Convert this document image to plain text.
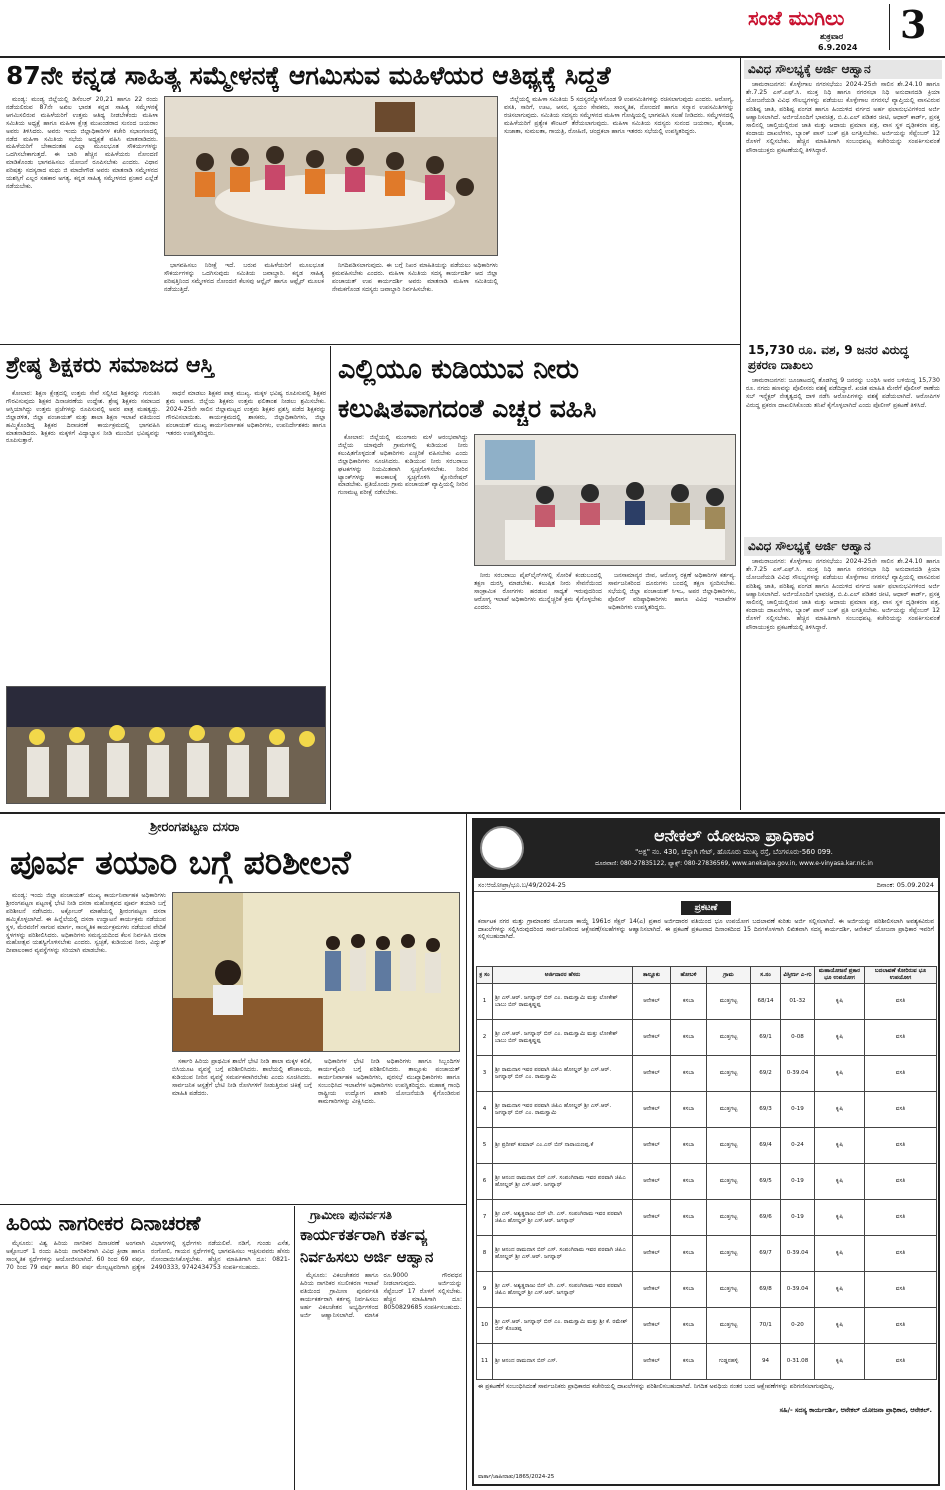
ಸಂಜೆ ಮುಗಿಲು
ಶುಕ್ರವಾರ
6.9.2024
3
87ನೇ ಕನ್ನಡ ಸಾಹಿತ್ಯ ಸಮ್ಮೇಳನಕ್ಕೆ ಆಗಮಿಸುವ ಮಹಿಳೆಯರ ಆತಿಥ್ಯಕ್ಕೆ ಸಿದ್ಧತೆ

ಮಂಡ್ಯ: ಮಂಡ್ಯ ಜಿಲ್ಲೆಯಲ್ಲಿ ಡಿಸೆಂಬರ್ 20,21 ಹಾಗೂ 22 ರಂದು ನಡೆಯಲಿರುವ 87ನೇ ಅಖಿಲ ಭಾರತ ಕನ್ನಡ ಸಾಹಿತ್ಯ ಸಮ್ಮೇಳನಕ್ಕೆ ಆಗಮಿಸಲಿರುವ ಮಹಿಳೆಯರಿಗೆ ಉತ್ತಮ ಆತಿಥ್ಯ ನೀಡಬೇಕೆಂದು ಮಹಿಳಾ ಸಮಿತಿಯ ಅಧ್ಯಕ್ಷೆ ಹಾಗೂ ಮಹಿಳಾ ಕ್ಷೇತ್ರ ಮುಖಂಡರಾದ ಸುನಂದ ಜಯರಾಂ ಅವರು ತಿಳಿಸಿದರು. ಅವರು ಇಂದು ಜಿಲ್ಲಾಧಿಕಾರಿಗಳ ಕಚೇರಿ ಸಭಾಂಗಣದಲ್ಲಿ ನಡೆದ ಮಹಿಳಾ ಸಮಿತಿಯ ಸಭೆಯ ಅಧ್ಯಕ್ಷತೆ ವಹಿಸಿ ಮಾತನಾಡಿದರು. ಮಹಿಳೆಯರಿಗೆ ಬೇಕಾದಂತಹ ಎಲ್ಲಾ ಮೂಲಭೂತ ಸೌಕರ್ಯಗಳನ್ನು ಒದಗಿಸಬೇಕಾಗುತ್ತದೆ. ಈ ಬಾರಿ ಹೆಚ್ಚಿನ ಮಹಿಳೆಯರು ನೋಂದಣಿ ಮಾಡಿಕೊಂಡು ಭಾಗವಹಿಸಲು ಯೋಜನೆ ರೂಪಿಸಬೇಕು ಎಂದರು. ವಿಧಾನ ಪರಿಷತ್ತು ಸದಸ್ಯರಾದ ಮಧು ಜಿ ಮಾದೇಗೌಡ ಅವರು ಮಾತನಾಡಿ ಸಮ್ಮೇಳನದ ಯಶಸ್ಸಿಗೆ ಎಲ್ಲರ ಸಹಕಾರ ಅಗತ್ಯ. ಕನ್ನಡ ಸಾಹಿತ್ಯ ಸಮ್ಮೇಳನದ ಪ್ರಚಾರ ಎಲ್ಲೆಡೆ ನಡೆಯಬೇಕು.

ಭಾಗವಹಿಸಲು ನಿರೀಕ್ಷೆ ಇದೆ. ಬರುವ ಮಹಿಳೆಯರಿಗೆ ಮೂಲಭೂತ ಸೌಕರ್ಯಗಳನ್ನು ಒದಗಿಸುವುದು ಸಮಿತಿಯ ಜವಾಬ್ದಾರಿ. ಕನ್ನಡ ಸಾಹಿತ್ಯ ಪರಿಷತ್ತಿನಿಂದ ಸಮ್ಮೇಳನದ ನೋಂದಣಿ ಕೆಲಸವು ಆನ್ಲೈನ್ ಹಾಗೂ ಆಫ್ಲೈನ್ ಮೂಲಕ ನಡೆಯುತ್ತಿದೆ.

ನಿಗದಿಪಡಿಸಲಾಗುವುದು. ಈ ಬಗ್ಗೆ ನಿಖರ ಮಾಹಿತಿಯನ್ನು ಪಡೆಯಲು ಅಧಿಕಾರಿಗಳು ಕ್ರಮವಹಿಸಬೇಕು ಎಂದರು. ಮಹಿಳಾ ಸಮಿತಿಯ ಸದಸ್ಯ ಕಾರ್ಯದರ್ಶಿ ಆದ ಜಿಲ್ಲಾ ಪಂಚಾಯತ್ ಉಪ ಕಾರ್ಯದರ್ಶಿ ಅವರು ಮಾತನಾಡಿ ಮಹಿಳಾ ಸಮಿತಿಯಲ್ಲಿ ನೇಮಕಗೊಂಡ ಸದಸ್ಯರು ಜವಾಬ್ದಾರಿ ನಿರ್ವಹಿಸಬೇಕು.

ಜಿಲ್ಲೆಯಲ್ಲಿ ಮಹಿಳಾ ಸಮಿತಿಯ 5 ಸದಸ್ಯರನ್ನೊಳಗೊಂಡ 9 ಉಪಸಮಿತಿಗಳನ್ನು ರಚಿಸಲಾಗುವುದು ಎಂದರು. ಆರೋಗ್ಯ, ವಸತಿ, ಸಾರಿಗೆ, ಊಟ, ಆಸನ, ಸ್ವಯಂ ಸೇವಕರು, ಸಾಂಸ್ಕೃತಿಕ, ನೋಂದಣಿ ಹಾಗೂ ಸನ್ಮಾನ ಉಪಸಮಿತಿಗಳನ್ನು ರಚಿಸಲಾಗುವುದು. ಸಮಿತಿಯ ಸದಸ್ಯರು ಸಮ್ಮೇಳನದ ಮಹಿಳಾ ಗೋಷ್ಠಿಯಲ್ಲಿ ಭಾಗವಹಿಸಿ ಸಲಹೆ ನೀಡಿದರು. ಸಮ್ಮೇಳನದಲ್ಲಿ ಮಹಿಳೆಯರಿಗೆ ಪ್ರತ್ಯೇಕ ಕೌಂಟರ್ ತೆರೆಯಲಾಗುವುದು. ಮಹಿಳಾ ಸಮಿತಿಯ ಸದಸ್ಯರು ಸುನಂದ ಜಯರಾಂ, ಶೈಲಜಾ, ಸುಜಾತಾ, ಸುಮಲತಾ, ಗಾಯತ್ರಿ, ರೋಹಿಣಿ, ಚಂದ್ರಕಲಾ ಹಾಗೂ ಇತರರು ಸಭೆಯಲ್ಲಿ ಉಪಸ್ಥಿತರಿದ್ದರು.

ಶ್ರೇಷ್ಠ ಶಿಕ್ಷಕರು ಸಮಾಜದ ಆಸ್ತಿ

ಕೋಲಾರ: ಶಿಕ್ಷಣ ಕ್ಷೇತ್ರದಲ್ಲಿ ಉತ್ತಮ ಸೇವೆ ಸಲ್ಲಿಸಿದ ಶಿಕ್ಷಕರನ್ನು ಗುರುತಿಸಿ ಗೌರವಿಸುವುದು ಶಿಕ್ಷಕರ ದಿನಾಚರಣೆಯ ಉದ್ದೇಶ. ಶ್ರೇಷ್ಠ ಶಿಕ್ಷಕರು ಸಮಾಜದ ಆಸ್ತಿಯಾಗಿದ್ದು ಉತ್ತಮ ಪ್ರಜೆಗಳನ್ನು ರೂಪಿಸುವಲ್ಲಿ ಅವರ ಪಾತ್ರ ಮಹತ್ವದ್ದು. ಜಿಲ್ಲಾಡಳಿತ, ಜಿಲ್ಲಾ ಪಂಚಾಯತ್ ಮತ್ತು ಶಾಲಾ ಶಿಕ್ಷಣ ಇಲಾಖೆ ವತಿಯಿಂದ ಹಮ್ಮಿಕೊಂಡಿದ್ದ ಶಿಕ್ಷಕರ ದಿನಾಚರಣೆ ಕಾರ್ಯಕ್ರಮದಲ್ಲಿ ಭಾಗವಹಿಸಿ ಮಾತನಾಡಿದರು. ಶಿಕ್ಷಕರು ಮಕ್ಕಳಿಗೆ ವಿದ್ಯಾಭ್ಯಾಸ ನೀಡಿ ಮುಂದಿನ ಭವಿಷ್ಯವನ್ನು ರೂಪಿಸುತ್ತಾರೆ.

ಸಾಧನೆ ಮಾಡಲು ಶಿಕ್ಷಕರ ಪಾತ್ರ ಮುಖ್ಯ. ಮಕ್ಕಳ ಭವಿಷ್ಯ ರೂಪಿಸುವಲ್ಲಿ ಶಿಕ್ಷಕರ ಶ್ರಮ ಅಪಾರ. ಜಿಲ್ಲೆಯ ಶಿಕ್ಷಕರು ಉತ್ತಮ ಫಲಿತಾಂಶ ನೀಡಲು ಶ್ರಮಿಸಬೇಕು. 2024-25ನೇ ಸಾಲಿನ ಜಿಲ್ಲಾಮಟ್ಟದ ಉತ್ತಮ ಶಿಕ್ಷಕರ ಪ್ರಶಸ್ತಿ ಪಡೆದ ಶಿಕ್ಷಕರನ್ನು ಗೌರವಿಸಲಾಯಿತು. ಕಾರ್ಯಕ್ರಮದಲ್ಲಿ ಶಾಸಕರು, ಜಿಲ್ಲಾಧಿಕಾರಿಗಳು, ಜಿಲ್ಲಾ ಪಂಚಾಯತ್ ಮುಖ್ಯ ಕಾರ್ಯನಿರ್ವಾಹಕ ಅಧಿಕಾರಿಗಳು, ಉಪನಿರ್ದೇಶಕರು ಹಾಗೂ ಇತರರು ಉಪಸ್ಥಿತರಿದ್ದರು.

ಎಲ್ಲಿಯೂ ಕುಡಿಯುವ ನೀರು
ಕಲುಷಿತವಾಗದಂತೆ ಎಚ್ಚರ ವಹಿಸಿ

ಕೋಲಾರ: ಜಿಲ್ಲೆಯಲ್ಲಿ ಮುಂಗಾರು ಮಳೆ ಆರಂಭವಾಗಿದ್ದು ಜಿಲ್ಲೆಯ ಯಾವುದೇ ಗ್ರಾಮಗಳಲ್ಲಿ ಕುಡಿಯುವ ನೀರು ಕಲುಷಿತಗೊಳ್ಳದಂತೆ ಅಧಿಕಾರಿಗಳು ಎಚ್ಚರಿಕೆ ವಹಿಸಬೇಕು ಎಂದು ಜಿಲ್ಲಾಧಿಕಾರಿಗಳು ಸೂಚಿಸಿದರು. ಕುಡಿಯುವ ನೀರು ಸರಬರಾಜು ಘಟಕಗಳನ್ನು ನಿಯಮಿತವಾಗಿ ಸ್ವಚ್ಛಗೊಳಿಸಬೇಕು. ನೀರಿನ ಟ್ಯಾಂಕ್‌ಗಳನ್ನು ಕಾಲಕಾಲಕ್ಕೆ ಸ್ವಚ್ಛಗೊಳಿಸಿ ಕ್ಲೋರಿನೇಷನ್ ಮಾಡಬೇಕು. ಪ್ರತಿಯೊಂದು ಗ್ರಾಮ ಪಂಚಾಯತ್ ವ್ಯಾಪ್ತಿಯಲ್ಲಿ ನೀರಿನ ಗುಣಮಟ್ಟ ಪರೀಕ್ಷೆ ನಡೆಸಬೇಕು.

ನೀರು ಸರಬರಾಜು ಪೈಪ್‌ಲೈನ್‌ಗಳಲ್ಲಿ ಸೋರಿಕೆ ಕಂಡುಬಂದಲ್ಲಿ ತಕ್ಷಣ ದುರಸ್ತಿ ಮಾಡಬೇಕು. ಕಲುಷಿತ ನೀರು ಸೇವನೆಯಿಂದ ಸಾಂಕ್ರಾಮಿಕ ರೋಗಗಳು ಹರಡುವ ಸಾಧ್ಯತೆ ಇರುವುದರಿಂದ ಆರೋಗ್ಯ ಇಲಾಖೆ ಅಧಿಕಾರಿಗಳು ಮುನ್ನೆಚ್ಚರಿಕೆ ಕ್ರಮ ಕೈಗೊಳ್ಳಬೇಕು ಎಂದರು.

ಜನಸಾಮಾನ್ಯರ ಜೀವ, ಆರೋಗ್ಯ ರಕ್ಷಣೆ ಅಧಿಕಾರಿಗಳ ಕರ್ತವ್ಯ. ಸಾರ್ವಜನಿಕರಿಂದ ದೂರುಗಳು ಬಂದಲ್ಲಿ ತಕ್ಷಣ ಸ್ಪಂದಿಸಬೇಕು. ಸಭೆಯಲ್ಲಿ ಜಿಲ್ಲಾ ಪಂಚಾಯತ್ ಸಿಇಒ, ಅಪರ ಜಿಲ್ಲಾಧಿಕಾರಿಗಳು, ಪೊಲೀಸ್ ವರಿಷ್ಠಾಧಿಕಾರಿಗಳು ಹಾಗೂ ವಿವಿಧ ಇಲಾಖೆಗಳ ಅಧಿಕಾರಿಗಳು ಉಪಸ್ಥಿತರಿದ್ದರು.

ವಿವಿಧ ಸೌಲಭ್ಯಕ್ಕೆ ಅರ್ಜಿ ಆಹ್ವಾನ

ಚಾಮರಾಜನಗರ: ಕೊಳ್ಳೇಗಾಲ ನಗರಸಭೆಯು 2024-25ನೇ ಸಾಲಿನ ಶೇ.24.10 ಹಾಗೂ ಶೇ.7.25 ಎಸ್.ಎಫ್.ಸಿ. ಮುಕ್ತ ನಿಧಿ ಹಾಗೂ ನಗರಸಭಾ ನಿಧಿ ಅನುದಾನದಡಿ ಕ್ರಿಯಾ ಯೋಜನೆಯಡಿ ವಿವಿಧ ಸೌಲಭ್ಯಗಳನ್ನು ಪಡೆಯಲು ಕೊಳ್ಳೇಗಾಲ ನಗರಸಭೆ ವ್ಯಾಪ್ತಿಯಲ್ಲಿ ವಾಸವಿರುವ ಪರಿಶಿಷ್ಟ ಜಾತಿ, ಪರಿಶಿಷ್ಟ ಪಂಗಡ ಹಾಗೂ ಹಿಂದುಳಿದ ವರ್ಗದ ಅರ್ಹ ಫಲಾನುಭವಿಗಳಿಂದ ಅರ್ಜಿ ಆಹ್ವಾನಿಸಲಾಗಿದೆ. ಅರ್ಜಿಯೊಂದಿಗೆ ಭಾವಚಿತ್ರ, ಬಿ.ಪಿ.ಎಲ್ ಪಡಿತರ ಚೀಟಿ, ಆಧಾರ್ ಕಾರ್ಡ್, ಪ್ರಸಕ್ತ ಸಾಲಿನಲ್ಲಿ ಚಾಲ್ತಿಯಲ್ಲಿರುವ ಜಾತಿ ಮತ್ತು ಆದಾಯ ಪ್ರಮಾಣ ಪತ್ರ, ವಾಸ ಸ್ಥಳ ದೃಢೀಕರಣ ಪತ್ರ, ಕಂದಾಯ ದಾಖಲೆಗಳು, ಬ್ಯಾಂಕ್ ಪಾಸ್ ಬುಕ್ ಪ್ರತಿ ಲಗತ್ತಿಸಬೇಕು. ಅರ್ಜಿಯನ್ನು ಸೆಪ್ಟೆಂಬರ್ 12 ರೊಳಗೆ ಸಲ್ಲಿಸಬೇಕು. ಹೆಚ್ಚಿನ ಮಾಹಿತಿಗಾಗಿ ಸಂಬಂಧಪಟ್ಟ ಕಚೇರಿಯನ್ನು ಸಂಪರ್ಕಿಸುವಂತೆ ಪೌರಾಯುಕ್ತರು ಪ್ರಕಟಣೆಯಲ್ಲಿ ತಿಳಿಸಿದ್ದಾರೆ.

15,730 ರೂ. ವಶ, 9 ಜನರ ವಿರುದ್ಧ ಪ್ರಕರಣ ದಾಖಲು

ಚಾಮರಾಜನಗರ: ಜೂಜಾಟದಲ್ಲಿ ತೊಡಗಿದ್ದ 9 ಜನರನ್ನು ಬಂಧಿಸಿ ಅವರ ಬಳಿಯಿದ್ದ 15,730 ರೂ. ನಗದು ಹಣವನ್ನು ಪೊಲೀಸರು ವಶಕ್ಕೆ ಪಡೆದಿದ್ದಾರೆ. ಖಚಿತ ಮಾಹಿತಿ ಮೇರೆಗೆ ಪೊಲೀಸ್ ಠಾಣೆಯ ಸಬ್ ಇನ್ಸ್ಪೆಕ್ಟರ್ ನೇತೃತ್ವದಲ್ಲಿ ದಾಳಿ ನಡೆಸಿ ಆರೋಪಿಗಳನ್ನು ವಶಕ್ಕೆ ಪಡೆಯಲಾಗಿದೆ. ಆರೋಪಿಗಳ ವಿರುದ್ಧ ಪ್ರಕರಣ ದಾಖಲಿಸಿಕೊಂಡು ತನಿಖೆ ಕೈಗೊಳ್ಳಲಾಗಿದೆ ಎಂದು ಪೊಲೀಸ್ ಪ್ರಕಟಣೆ ತಿಳಿಸಿದೆ.

ವಿವಿಧ ಸೌಲಭ್ಯಕ್ಕೆ ಅರ್ಜಿ ಆಹ್ವಾನ

ಚಾಮರಾಜನಗರ: ಕೊಳ್ಳೇಗಾಲ ನಗರಸಭೆಯು 2024-25ನೇ ಸಾಲಿನ ಶೇ.24.10 ಹಾಗೂ ಶೇ.7.25 ಎಸ್.ಎಫ್.ಸಿ. ಮುಕ್ತ ನಿಧಿ ಹಾಗೂ ನಗರಸಭಾ ನಿಧಿ ಅನುದಾನದಡಿ ಕ್ರಿಯಾ ಯೋಜನೆಯಡಿ ವಿವಿಧ ಸೌಲಭ್ಯಗಳನ್ನು ಪಡೆಯಲು ಕೊಳ್ಳೇಗಾಲ ನಗರಸಭೆ ವ್ಯಾಪ್ತಿಯಲ್ಲಿ ವಾಸವಿರುವ ಪರಿಶಿಷ್ಟ ಜಾತಿ, ಪರಿಶಿಷ್ಟ ಪಂಗಡ ಹಾಗೂ ಹಿಂದುಳಿದ ವರ್ಗದ ಅರ್ಹ ಫಲಾನುಭವಿಗಳಿಂದ ಅರ್ಜಿ ಆಹ್ವಾನಿಸಲಾಗಿದೆ. ಅರ್ಜಿಯೊಂದಿಗೆ ಭಾವಚಿತ್ರ, ಬಿ.ಪಿ.ಎಲ್ ಪಡಿತರ ಚೀಟಿ, ಆಧಾರ್ ಕಾರ್ಡ್, ಪ್ರಸಕ್ತ ಸಾಲಿನಲ್ಲಿ ಚಾಲ್ತಿಯಲ್ಲಿರುವ ಜಾತಿ ಮತ್ತು ಆದಾಯ ಪ್ರಮಾಣ ಪತ್ರ, ವಾಸ ಸ್ಥಳ ದೃಢೀಕರಣ ಪತ್ರ, ಕಂದಾಯ ದಾಖಲೆಗಳು, ಬ್ಯಾಂಕ್ ಪಾಸ್ ಬುಕ್ ಪ್ರತಿ ಲಗತ್ತಿಸಬೇಕು. ಅರ್ಜಿಯನ್ನು ಸೆಪ್ಟೆಂಬರ್ 12 ರೊಳಗೆ ಸಲ್ಲಿಸಬೇಕು. ಹೆಚ್ಚಿನ ಮಾಹಿತಿಗಾಗಿ ಸಂಬಂಧಪಟ್ಟ ಕಚೇರಿಯನ್ನು ಸಂಪರ್ಕಿಸುವಂತೆ ಪೌರಾಯುಕ್ತರು ಪ್ರಕಟಣೆಯಲ್ಲಿ ತಿಳಿಸಿದ್ದಾರೆ.

ಶ್ರೀರಂಗಪಟ್ಟಣ ದಸರಾ
ಪೂರ್ವ ತಯಾರಿ ಬಗ್ಗೆ ಪರಿಶೀಲನೆ

ಮಂಡ್ಯ: ಇಂದು ಜಿಲ್ಲಾ ಪಂಚಾಯತ್ ಮುಖ್ಯ ಕಾರ್ಯನಿರ್ವಾಹಕ ಅಧಿಕಾರಿಗಳು ಶ್ರೀರಂಗಪಟ್ಟಣ ಪಟ್ಟಣಕ್ಕೆ ಭೇಟಿ ನೀಡಿ ದಸರಾ ಮಹೋತ್ಸವದ ಪೂರ್ವ ತಯಾರಿ ಬಗ್ಗೆ ಪರಿಶೀಲನೆ ನಡೆಸಿದರು. ಅಕ್ಟೋಬರ್ ಮಾಹೆಯಲ್ಲಿ ಶ್ರೀರಂಗಪಟ್ಟಣ ದಸರಾ ಹಮ್ಮಿಕೊಳ್ಳಲಾಗಿದೆ. ಈ ಹಿನ್ನೆಲೆಯಲ್ಲಿ ದಸರಾ ಉದ್ಘಾಟನೆ ಕಾರ್ಯಕ್ರಮ ನಡೆಯುವ ಸ್ಥಳ, ಮೆರವಣಿಗೆ ಸಾಗುವ ಮಾರ್ಗ, ಸಾಂಸ್ಕೃತಿಕ ಕಾರ್ಯಕ್ರಮಗಳು ನಡೆಯುವ ವೇದಿಕೆ ಸ್ಥಳಗಳನ್ನು ಪರಿಶೀಲಿಸಿದರು. ಅಧಿಕಾರಿಗಳು ಸಮನ್ವಯದಿಂದ ಕೆಲಸ ನಿರ್ವಹಿಸಿ ದಸರಾ ಮಹೋತ್ಸವ ಯಶಸ್ವಿಗೊಳಿಸಬೇಕು ಎಂದರು. ಸ್ವಚ್ಛತೆ, ಕುಡಿಯುವ ನೀರು, ವಿದ್ಯುತ್ ದೀಪಾಲಂಕಾರ ವ್ಯವಸ್ಥೆಗಳನ್ನು ಸರಿಯಾಗಿ ಮಾಡಬೇಕು.

ಸರ್ಕಾರಿ ಹಿರಿಯ ಪ್ರಾಥಮಿಕ ಶಾಲೆಗೆ ಭೇಟಿ ನೀಡಿ ಶಾಲಾ ಮಕ್ಕಳ ಕಲಿಕೆ, ಬಿಸಿಯೂಟ ವ್ಯವಸ್ಥೆ ಬಗ್ಗೆ ಪರಿಶೀಲಿಸಿದರು. ಶಾಲೆಯಲ್ಲಿ ಶೌಚಾಲಯ, ಕುಡಿಯುವ ನೀರಿನ ವ್ಯವಸ್ಥೆ ಸಮರ್ಪಕವಾಗಿರಬೇಕು ಎಂದು ಸೂಚಿಸಿದರು. ಸಾರ್ವಜನಿಕ ಆಸ್ಪತ್ರೆಗೆ ಭೇಟಿ ನೀಡಿ ರೋಗಿಗಳಿಗೆ ನೀಡುತ್ತಿರುವ ಚಿಕಿತ್ಸೆ ಬಗ್ಗೆ ಮಾಹಿತಿ ಪಡೆದರು.

ಅಧಿಕಾರಿಗಳ ಭೇಟಿ ನೀಡಿ ಅಧಿಕಾರಿಗಳು ಹಾಗೂ ಸಿಬ್ಬಂದಿಗಳ ಕಾರ್ಯವೈಖರಿ ಬಗ್ಗೆ ಪರಿಶೀಲಿಸಿದರು. ತಾಲ್ಲೂಕು ಪಂಚಾಯತ್ ಕಾರ್ಯನಿರ್ವಾಹಕ ಅಧಿಕಾರಿಗಳು, ಪುರಸಭೆ ಮುಖ್ಯಾಧಿಕಾರಿಗಳು ಹಾಗೂ ಸಂಬಂಧಿಸಿದ ಇಲಾಖೆಗಳ ಅಧಿಕಾರಿಗಳು ಉಪಸ್ಥಿತರಿದ್ದರು. ಮಹಾತ್ಮ ಗಾಂಧಿ ರಾಷ್ಟ್ರೀಯ ಉದ್ಯೋಗ ಖಾತರಿ ಯೋಜನೆಯಡಿ ಕೈಗೊಂಡಿರುವ ಕಾಮಗಾರಿಗಳನ್ನು ವೀಕ್ಷಿಸಿದರು.

ಹಿರಿಯ ನಾಗರೀಕರ ದಿನಾಚರಣೆ

ಮೈಸೂರು: ವಿಶ್ವ ಹಿರಿಯ ನಾಗರಿಕರ ದಿನಾಚರಣೆ ಅಂಗವಾಗಿ ಅಕ್ಟೋಬರ್ 1 ರಂದು ಹಿರಿಯ ನಾಗರಿಕರಿಗಾಗಿ ವಿವಿಧ ಕ್ರೀಡಾ ಹಾಗೂ ಸಾಂಸ್ಕೃತಿಕ ಸ್ಪರ್ಧೆಗಳನ್ನು ಆಯೋಜಿಸಲಾಗಿದೆ. 60 ರಿಂದ 69 ವರ್ಷ, 70 ರಿಂದ 79 ವರ್ಷ ಹಾಗೂ 80 ವರ್ಷ ಮೇಲ್ಪಟ್ಟವರಿಗಾಗಿ ಪ್ರತ್ಯೇಕ ವಿಭಾಗಗಳಲ್ಲಿ ಸ್ಪರ್ಧೆಗಳು ನಡೆಯಲಿವೆ. ನಡಿಗೆ, ಗುಂಡು ಎಸೆತ, ರಂಗೋಲಿ, ಗಾಯನ ಸ್ಪರ್ಧೆಗಳಲ್ಲಿ ಭಾಗವಹಿಸಲು ಇಚ್ಛಿಸುವವರು ಹೆಸರು ನೋಂದಾಯಿಸಿಕೊಳ್ಳಬೇಕು. ಹೆಚ್ಚಿನ ಮಾಹಿತಿಗಾಗಿ ದೂ: 0821-2490333, 9742434753 ಸಂಪರ್ಕಿಸಬಹುದು.

ಗ್ರಾಮೀಣ ಪುನರ್ವಸತಿ
ಕಾರ್ಯಕರ್ತರಾಗಿ ಕರ್ತವ್ಯ
ನಿರ್ವಹಿಸಲು ಅರ್ಜಿ ಆಹ್ವಾನ

ಮೈಸೂರು: ವಿಕಲಚೇತನರ ಹಾಗೂ ಹಿರಿಯ ನಾಗರಿಕರ ಸಬಲೀಕರಣ ಇಲಾಖೆ ವತಿಯಿಂದ ಗ್ರಾಮೀಣ ಪುನರ್ವಸತಿ ಕಾರ್ಯಕರ್ತರಾಗಿ ಕರ್ತವ್ಯ ನಿರ್ವಹಿಸಲು ಅರ್ಹ ವಿಕಲಚೇತನ ಅಭ್ಯರ್ಥಿಗಳಿಂದ ಅರ್ಜಿ ಆಹ್ವಾನಿಸಲಾಗಿದೆ. ಮಾಸಿಕ ರೂ.9000 ಗೌರವಧನ ನೀಡಲಾಗುವುದು. ಅರ್ಜಿಯನ್ನು ಸೆಪ್ಟೆಂಬರ್ 17 ರೊಳಗೆ ಸಲ್ಲಿಸಬೇಕು. ಹೆಚ್ಚಿನ ಮಾಹಿತಿಗಾಗಿ ದೂ: 8050829685 ಸಂಪರ್ಕಿಸಬಹುದು.

ಆನೇಕಲ್ ಯೋಜನಾ ಪ್ರಾಧಿಕಾರ
"ಅಕ್ಷ" ನಂ. 430, ಚೆನ್ನಾಗಿ ಗೇಟ್, ಹೊಸೂರು ಮುಖ್ಯ ರಸ್ತೆ, ಬೆಂಗಳೂರು-560 099.
ದೂರವಾಣಿ: 080-27835122, ಫ್ಯಾಕ್ಸ್: 080-27836569, www.anekalpa.gov.in, www.e-vinyasa.kar.nic.in
ಸಂ:ಆಯೋಪ್ರಾ/ಭೂ.ಬ/49/2024-25	ದಿನಾಂಕ: 05.09.2024
ಪ್ರಕಟಣೆ
ಕರ್ನಾಟಕ ನಗರ ಮತ್ತು ಗ್ರಾಮಾಂತರ ಯೋಜನಾ ಕಾಯ್ದೆ 1961ರ ಸೆಕ್ಷನ್ 14(ಎ) ಪ್ರಕಾರ ಅರ್ಜಿದಾರರ ವತಿಯಿಂದ ಭೂ ಉಪಯೋಗ ಬದಲಾವಣೆ ಕುರಿತು ಅರ್ಜಿ ಸಲ್ಲಿಸಲಾಗಿದೆ. ಈ ಅರ್ಜಿಯನ್ನು ಪರಿಶೀಲಿಸಲಾಗಿ ಅವಶ್ಯಕವಿರುವ ದಾಖಲೆಗಳನ್ನು ಸಲ್ಲಿಸಿರುವುದರಿಂದ ಸಾರ್ವಜನಿಕರಿಂದ ಆಕ್ಷೇಪಣೆ/ಸಲಹೆಗಳನ್ನು ಆಹ್ವಾನಿಸಲಾಗಿದೆ. ಈ ಪ್ರಕಟಣೆ ಪ್ರಕಟವಾದ ದಿನಾಂಕದಿಂದ 15 ದಿನಗಳೊಳಗಾಗಿ ಲಿಖಿತವಾಗಿ ಸದಸ್ಯ ಕಾರ್ಯದರ್ಶಿ, ಆನೇಕಲ್ ಯೋಜನಾ ಪ್ರಾಧಿಕಾರ ಇವರಿಗೆ ಸಲ್ಲಿಸಬಹುದಾಗಿದೆ.
ಕ್ರ ಸಂ	ಅರ್ಜಿದಾರರ ಹೆಸರು	ತಾಲ್ಲೂಕು	ಹೋಬಳಿ	ಗ್ರಾಮ	ಸ.ನಂ	ವಿಸ್ತೀರ್ಣ ಎ-ಗು	ಮಹಾಯೋಜನೆ ಪ್ರಕಾರ ಭೂ ಉಪಯೋಗ	ಬದಲಾವಣೆ ಕೋರಿರುವ ಭೂ ಉಪಯೋಗ
1	ಶ್ರೀ ಎಸ್.ಆರ್. ಜಗನ್ನಾಥ್ ಬಿನ್ ಎಂ. ರಾಮಸ್ವಾಮಿ ಮತ್ತು ಲೋಕೇಶ್ ಬಾಬು ಬಿನ್ ರಾಮಕೃಷ್ಣಪ್ಪ	ಆನೇಕಲ್	ಕಸಬಾ	ಮುತ್ತಗಟ್ಟ	68/14	01-32	ಕೃಷಿ	ವಸತಿ
2	ಶ್ರೀ ಎಸ್.ಆರ್. ಜಗನ್ನಾಥ್ ಬಿನ್ ಎಂ. ರಾಮಸ್ವಾಮಿ ಮತ್ತು ಲೋಕೇಶ್ ಬಾಬು ಬಿನ್ ರಾಮಕೃಷ್ಣಪ್ಪ	ಆನೇಕಲ್	ಕಸಬಾ	ಮುತ್ತಗಟ್ಟ	69/1	0-08	ಕೃಷಿ	ವಸತಿ
3	ಶ್ರೀ ರಾಮದಾಸ ಇವರ ಪರವಾಗಿ ಜಿಪಿಎ ಹೋಲ್ಡರ್ ಶ್ರೀ ಎಸ್.ಆರ್. ಜಗನ್ನಾಥ್ ಬಿನ್ ಎಂ. ರಾಮಸ್ವಾಮಿ	ಆನೇಕಲ್	ಕಸಬಾ	ಮುತ್ತಗಟ್ಟ	69/2	0-39.04	ಕೃಷಿ	ವಸತಿ
4	ಶ್ರೀ ರಾಮದಾಸ ಇವರ ಪರವಾಗಿ ಜಿಪಿಎ ಹೋಲ್ಡರ್ ಶ್ರೀ ಎಸ್.ಆರ್. ಜಗನ್ನಾಥ್ ಬಿನ್ ಎಂ. ರಾಮಸ್ವಾಮಿ	ಆನೇಕಲ್	ಕಸಬಾ	ಮುತ್ತಗಟ್ಟ	69/3	0-19	ಕೃಷಿ	ವಸತಿ
5	ಶ್ರೀ ಪ್ರದೀಪ್ ಕುಮಾರ್ ಎಂ.ಎನ್ ಬಿನ್ ನಾರಾಯಣಪ್ಪ.ಕೆ	ಆನೇಕಲ್	ಕಸಬಾ	ಮುತ್ತಗಟ್ಟ	69/4	0-24	ಕೃಷಿ	ವಸತಿ
6	ಶ್ರೀ ಆನಂದ ರಾಮದಾಸ ಬಿನ್ ಎಸ್. ಸಂಪಂಗಿರಾಮ ಇವರ ಪರವಾಗಿ ಜಿಪಿಎ ಹೋಲ್ಡರ್ ಶ್ರೀ ಎಸ್.ಆರ್. ಜಗನ್ನಾಥ್	ಆನೇಕಲ್	ಕಸಬಾ	ಮುತ್ತಗಟ್ಟ	69/5	0-19	ಕೃಷಿ	ವಸತಿ
7	ಶ್ರೀ ಎಸ್. ಅಶ್ವತ್ಥರಾಜು ಬಿನ್ ಲೇ. ಎಸ್. ಸಂಪಂಗಿರಾಮ ಇವರ ಪರವಾಗಿ ಜಿಪಿಎ ಹೋಲ್ಡರ್ ಶ್ರೀ ಎಸ್.ಆರ್. ಜಗನ್ನಾಥ್	ಆನೇಕಲ್	ಕಸಬಾ	ಮುತ್ತಗಟ್ಟ	69/6	0-19	ಕೃಷಿ	ವಸತಿ
8	ಶ್ರೀ ಆನಂದ ರಾಮದಾಸ ಬಿನ್ ಎಸ್. ಸಂಪಂಗಿರಾಮ ಇವರ ಪರವಾಗಿ ಜಿಪಿಎ ಹೋಲ್ಡರ್ ಶ್ರೀ ಎಸ್.ಆರ್. ಜಗನ್ನಾಥ್	ಆನೇಕಲ್	ಕಸಬಾ	ಮುತ್ತಗಟ್ಟ	69/7	0-39.04	ಕೃಷಿ	ವಸತಿ
9	ಶ್ರೀ ಎಸ್. ಅಶ್ವತ್ಥರಾಜು ಬಿನ್ ಲೇ. ಎಸ್. ಸಂಪಂಗಿರಾಮ ಇವರ ಪರವಾಗಿ ಜಿಪಿಎ ಹೋಲ್ಡರ್ ಶ್ರೀ ಎಸ್.ಆರ್. ಜಗನ್ನಾಥ್	ಆನೇಕಲ್	ಕಸಬಾ	ಮುತ್ತಗಟ್ಟ	69/8	0-39.04	ಕೃಷಿ	ವಸತಿ
10	ಶ್ರೀ ಎಸ್.ಆರ್. ಜಗನ್ನಾಥ್ ಬಿನ್ ಎಂ. ರಾಮಸ್ವಾಮಿ ಮತ್ತು ಶ್ರೀ ಕೆ. ರಮೇಶ್ ಬಿನ್ ಕೊಂಡಪ್ಪ	ಆನೇಕಲ್	ಕಸಬಾ	ಮುತ್ತಗಟ್ಟ	70/1	0-20	ಕೃಷಿ	ವಸತಿ
11	ಶ್ರೀ ಆನಂದ ರಾಮದಾಸ ಬಿನ್ ಎಸ್.	ಆನೇಕಲ್	ಕಸಬಾ	ಗುಡ್ಡನಹಳ್ಳಿ	94	0-31.08	ಕೃಷಿ	ವಸತಿ
ಈ ಪ್ರಕಟಣೆಗೆ ಸಂಬಂಧಿಸಿದಂತೆ ಸಾರ್ವಜನಿಕರು ಪ್ರಾಧಿಕಾರದ ಕಚೇರಿಯಲ್ಲಿ ದಾಖಲೆಗಳನ್ನು ಪರಿಶೀಲಿಸಬಹುದಾಗಿದೆ. ನಿಗದಿತ ಅವಧಿಯ ನಂತರ ಬಂದ ಆಕ್ಷೇಪಣೆಗಳನ್ನು ಪರಿಗಣಿಸಲಾಗುವುದಿಲ್ಲ.
ಸಹಿ/- ಸದಸ್ಯ ಕಾರ್ಯದರ್ಶಿ, ಆನೇಕಲ್ ಯೋಜನಾ ಪ್ರಾಧಿಕಾರ, ಆನೇಕಲ್.
ವಾರ್ತಾ/ಜಾಹೀರಾತು/1865/2024-25
